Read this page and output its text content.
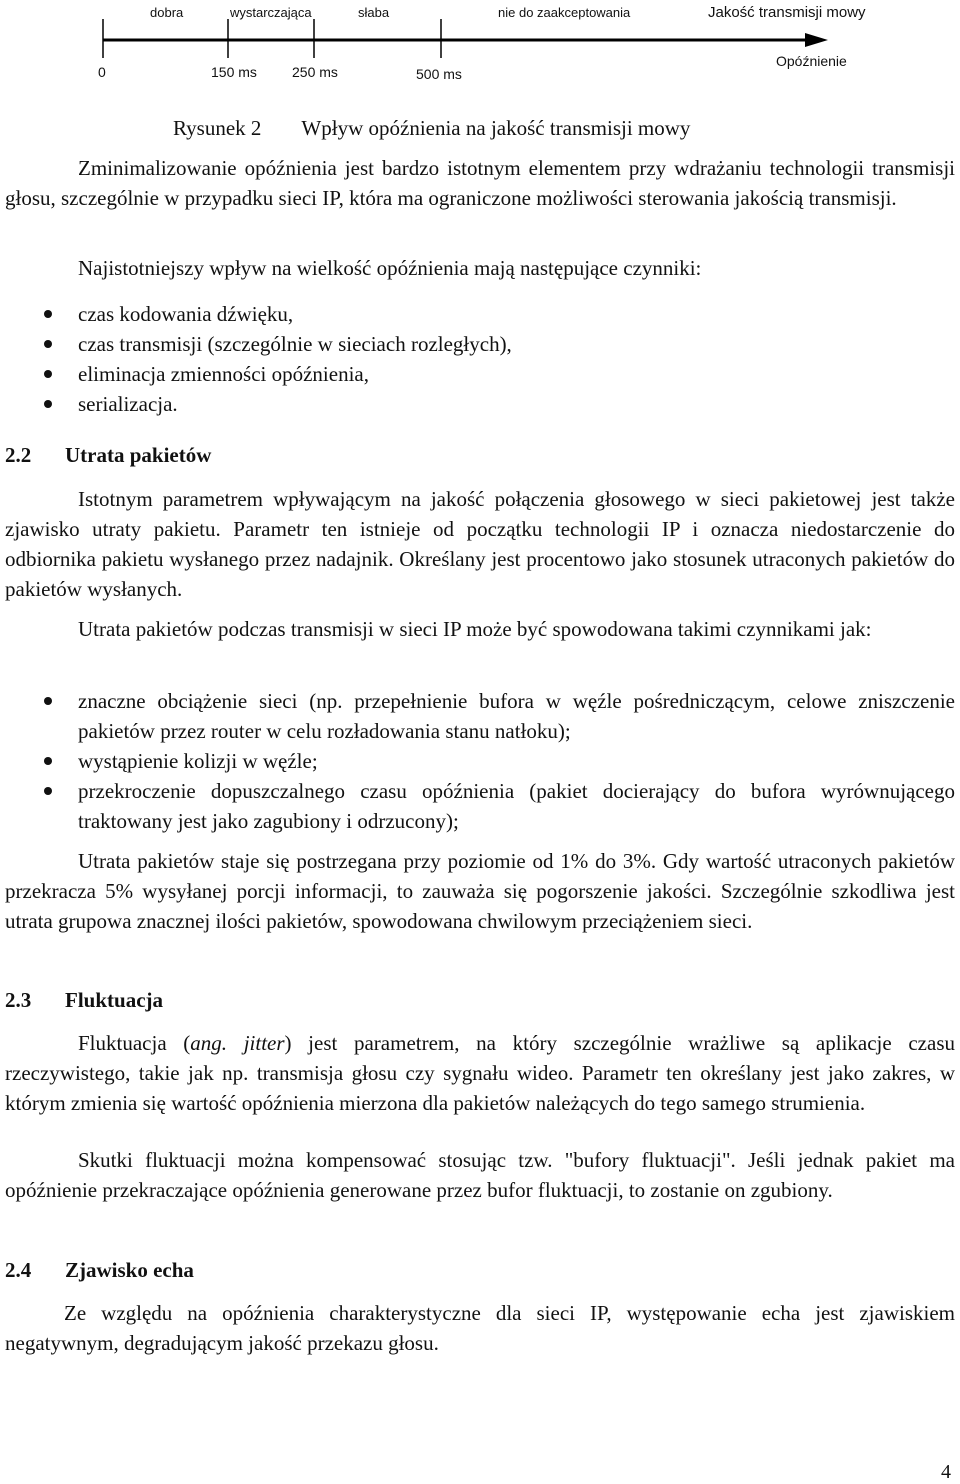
dobra	wystarczająca	słaba	nie do zaakceptowania	Jakość transmisji mowy
0	150 ms	250 ms	500 ms
Opóźnienie
Rysunek 2 Wpływ opóźnienia na jakość transmisji mowy

Zminimalizowanie opóźnienia jest bardzo istotnym elementem przy wdrażaniu technologii transmisji głosu, szczególnie w przypadku sieci IP, która ma ograniczone możliwości sterowania jakością transmisji.

Najistotniejszy wpływ na wielkość opóźnienia mają następujące czynniki:

czas kodowania dźwięku,
czas transmisji (szczególnie w sieciach rozległych),
eliminacja zmienności opóźnienia,
serializacja.
2.2 Utrata pakietów

Istotnym parametrem wpływającym na jakość połączenia głosowego w sieci pakietowej jest także zjawisko utraty pakietu. Parametr ten istnieje od początku technologii IP i oznacza niedostarczenie do odbiornika pakietu wysłanego przez nadajnik. Określany jest procentowo jako stosunek utraconych pakietów do pakietów wysłanych.

Utrata pakietów podczas transmisji w sieci IP może być spowodowana takimi czynnikami jak:

znaczne obciążenie sieci (np. przepełnienie bufora w węźle pośredniczącym, celowe zniszczenie pakietów przez router w celu rozładowania stanu natłoku);
wystąpienie kolizji w węźle;
przekroczenie dopuszczalnego czasu opóźnienia (pakiet docierający do bufora wyrównującego traktowany jest jako zagubiony i odrzucony);

Utrata pakietów staje się postrzegana przy poziomie od 1% do 3%. Gdy wartość utraconych pakietów przekracza 5% wysyłanej porcji informacji, to zauważa się pogorszenie jakości. Szczególnie szkodliwa jest utrata grupowa znacznej ilości pakietów, spowodowana chwilowym przeciążeniem sieci.

2.3 Fluktuacja

Fluktuacja (ang. jitter) jest parametrem, na który szczególnie wrażliwe są aplikacje czasu rzeczywistego, takie jak np. transmisja głosu czy sygnału wideo. Parametr ten określany jest jako zakres, w którym zmienia się wartość opóźnienia mierzona dla pakietów należących do tego samego strumienia.

Skutki fluktuacji można kompensować stosując tzw. "bufory fluktuacji". Jeśli jednak pakiet ma opóźnienie przekraczające opóźnienia generowane przez bufor fluktuacji, to zostanie on zgubiony.

2.4 Zjawisko echa

Ze względu na opóźnienia charakterystyczne dla sieci IP, występowanie echa jest zjawiskiem negatywnym, degradującym jakość przekazu głosu.

4
